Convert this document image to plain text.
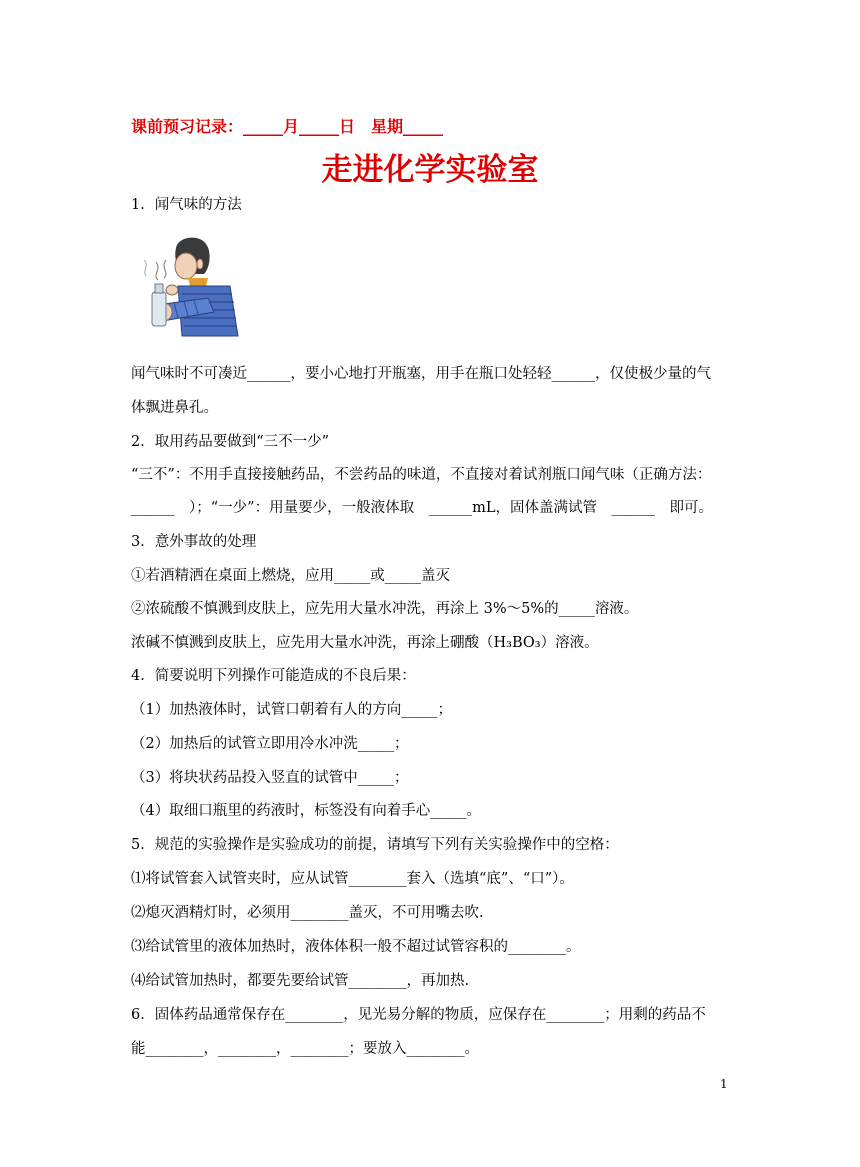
课前预习记录：_____月_____日　星期_____
走进化学实验室
1．闻气味的方法
闻气味时不可凑近______，要小心地打开瓶塞，用手在瓶口处轻轻______，仅使极少量的气
体飘进鼻孔。
2．取用药品要做到“三不一少”
“三不”：不用手直接接触药品，不尝药品的味道，不直接对着试剂瓶口闻气味（正确方法：
______　）；“一少”：用量要少，一般液体取　______mL，固体盖满试管　______　即可。
3．意外事故的处理
①若酒精洒在桌面上燃烧，应用_____或_____盖灭
②浓硫酸不慎溅到皮肤上，应先用大量水冲洗，再涂上 3%～5%的_____溶液。
浓碱不慎溅到皮肤上，应先用大量水冲洗，再涂上硼酸（H₃BO₃）溶液。
4．简要说明下列操作可能造成的不良后果：
（1）加热液体时，试管口朝着有人的方向_____；
（2）加热后的试管立即用冷水冲洗_____；
（3）将块状药品投入竖直的试管中_____；
（4）取细口瓶里的药液时，标签没有向着手心_____。
5．规范的实验操作是实验成功的前提，请填写下列有关实验操作中的空格：
⑴将试管套入试管夹时，应从试管________套入（选填“底”、“口”）。
⑵熄灭酒精灯时，必须用________盖灭，不可用嘴去吹.
⑶给试管里的液体加热时，液体体积一般不超过试管容积的________。
⑷给试管加热时，都要先要给试管________，再加热.
6．固体药品通常保存在________，见光易分解的物质，应保存在________；用剩的药品不
能________，________，________；要放入________。
1
